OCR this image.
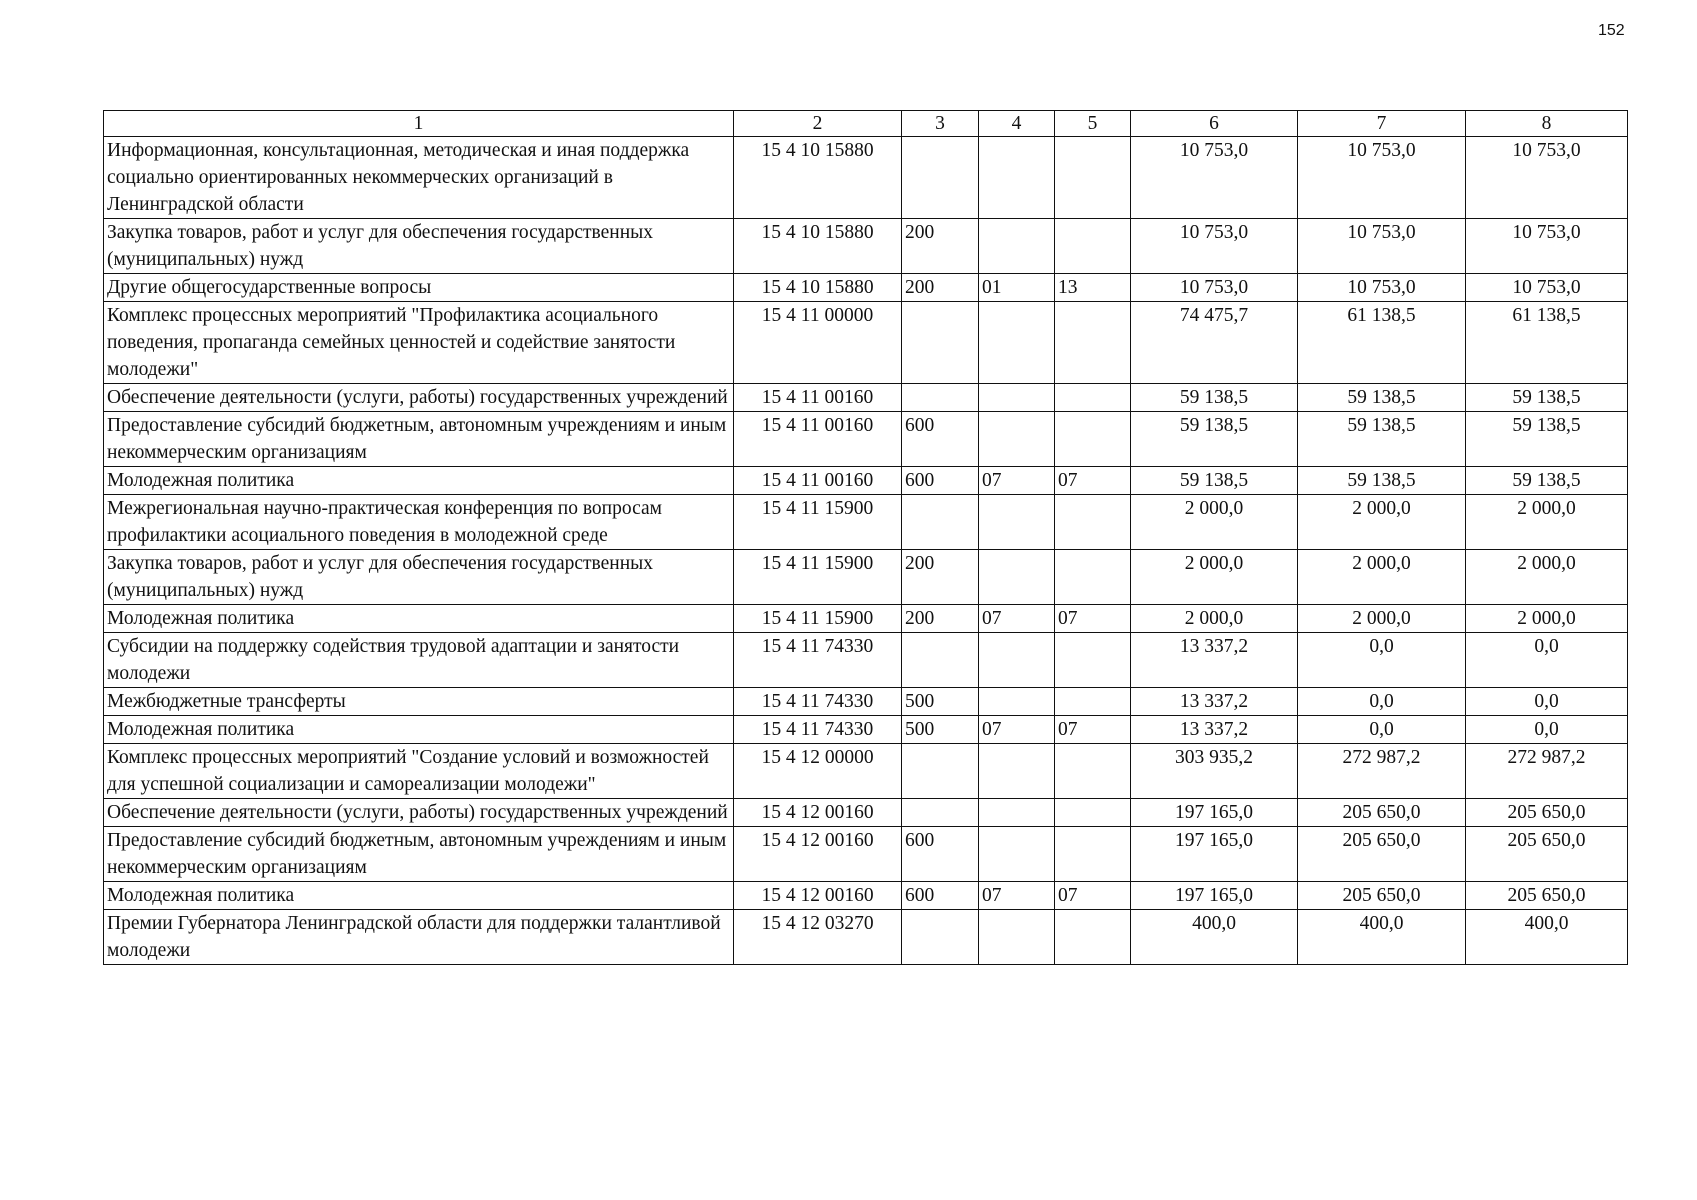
152
1	2	3	4	5	6	7	8
Информационная, консультационная, методическая и иная поддержка социально ориентированных некоммерческих организаций в Ленинградской области	15 4 10 15880				10 753,0	10 753,0	10 753,0
Закупка товаров, работ и услуг для обеспечения государственных (муниципальных) нужд	15 4 10 15880	200			10 753,0	10 753,0	10 753,0
Другие общегосударственные вопросы	15 4 10 15880	200	01	13	10 753,0	10 753,0	10 753,0
Комплекс процессных мероприятий "Профилактика асоциального поведения, пропаганда семейных ценностей и содействие занятости молодежи"	15 4 11 00000				74 475,7	61 138,5	61 138,5
Обеспечение деятельности (услуги, работы) государственных учреждений	15 4 11 00160				59 138,5	59 138,5	59 138,5
Предоставление субсидий бюджетным, автономным учреждениям и иным некоммерческим организациям	15 4 11 00160	600			59 138,5	59 138,5	59 138,5
Молодежная политика	15 4 11 00160	600	07	07	59 138,5	59 138,5	59 138,5
Межрегиональная научно-практическая конференция по вопросам профилактики асоциального поведения в молодежной среде	15 4 11 15900				2 000,0	2 000,0	2 000,0
Закупка товаров, работ и услуг для обеспечения государственных (муниципальных) нужд	15 4 11 15900	200			2 000,0	2 000,0	2 000,0
Молодежная политика	15 4 11 15900	200	07	07	2 000,0	2 000,0	2 000,0
Субсидии на поддержку содействия трудовой адаптации и занятости молодежи	15 4 11 74330				13 337,2	0,0	0,0
Межбюджетные трансферты	15 4 11 74330	500			13 337,2	0,0	0,0
Молодежная политика	15 4 11 74330	500	07	07	13 337,2	0,0	0,0
Комплекс процессных мероприятий "Создание условий и возможностей для успешной социализации и самореализации молодежи"	15 4 12 00000				303 935,2	272 987,2	272 987,2
Обеспечение деятельности (услуги, работы) государственных учреждений	15 4 12 00160				197 165,0	205 650,0	205 650,0
Предоставление субсидий бюджетным, автономным учреждениям и иным некоммерческим организациям	15 4 12 00160	600			197 165,0	205 650,0	205 650,0
Молодежная политика	15 4 12 00160	600	07	07	197 165,0	205 650,0	205 650,0
Премии Губернатора Ленинградской области для поддержки талантливой молодежи	15 4 12 03270				400,0	400,0	400,0
